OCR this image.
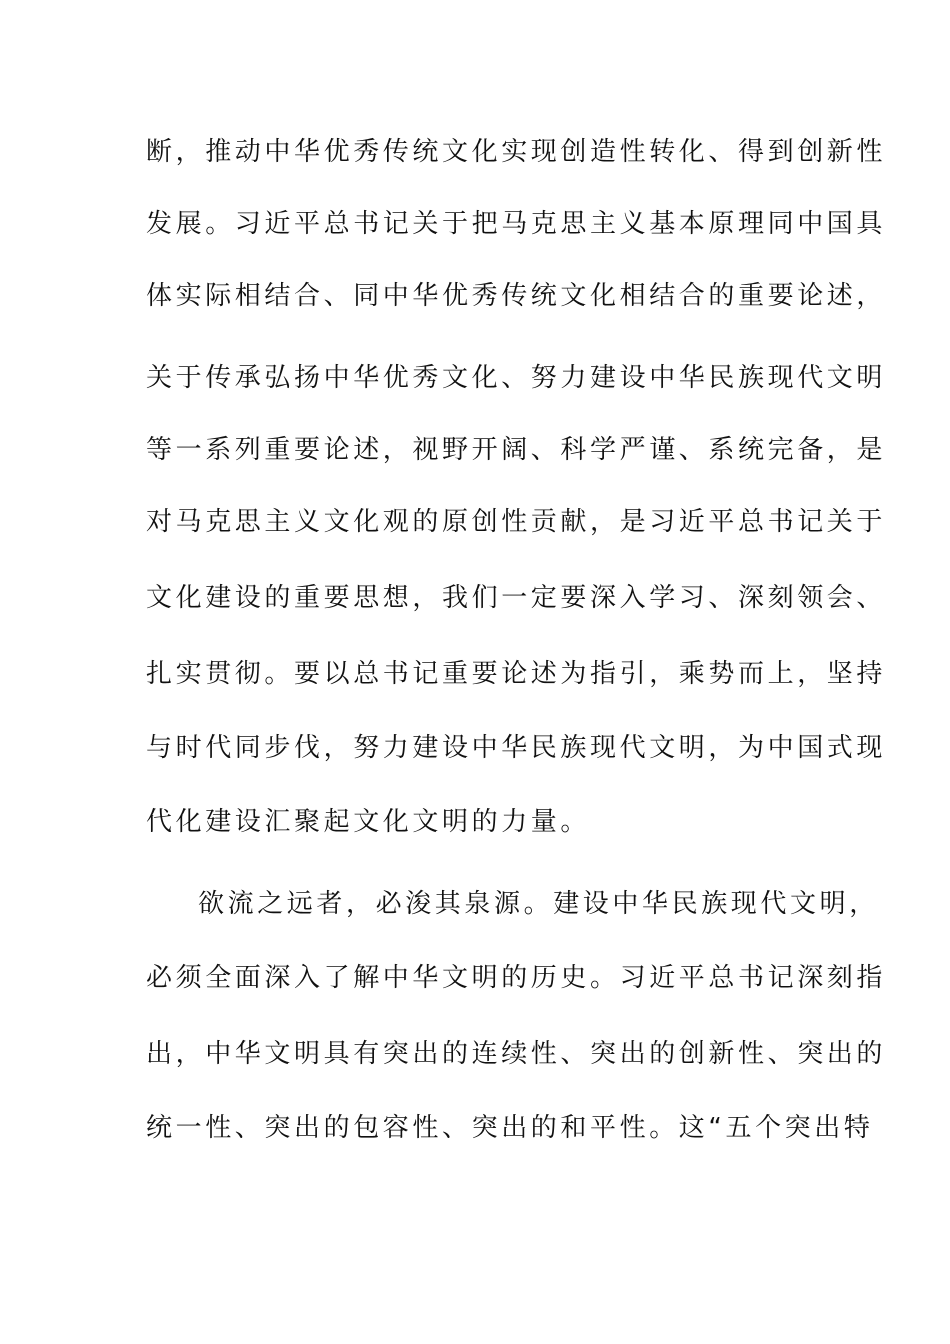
断，推动中华优秀传统文化实现创造性转化、得到创新性
发展。习近平总书记关于把马克思主义基本原理同中国具
体实际相结合、同中华优秀传统文化相结合的重要论述，
关于传承弘扬中华优秀文化、努力建设中华民族现代文明
等一系列重要论述，视野开阔、科学严谨、系统完备，是
对马克思主义文化观的原创性贡献，是习近平总书记关于
文化建设的重要思想，我们一定要深入学习、深刻领会、
扎实贯彻。要以总书记重要论述为指引，乘势而上，坚持
与时代同步伐，努力建设中华民族现代文明，为中国式现
代化建设汇聚起文化文明的力量。
欲流之远者，必浚其泉源。建设中华民族现代文明，
必须全面深入了解中华文明的历史。习近平总书记深刻指
出，中华文明具有突出的连续性、突出的创新性、突出的
统一性、突出的包容性、突出的和平性。这“五个突出特
